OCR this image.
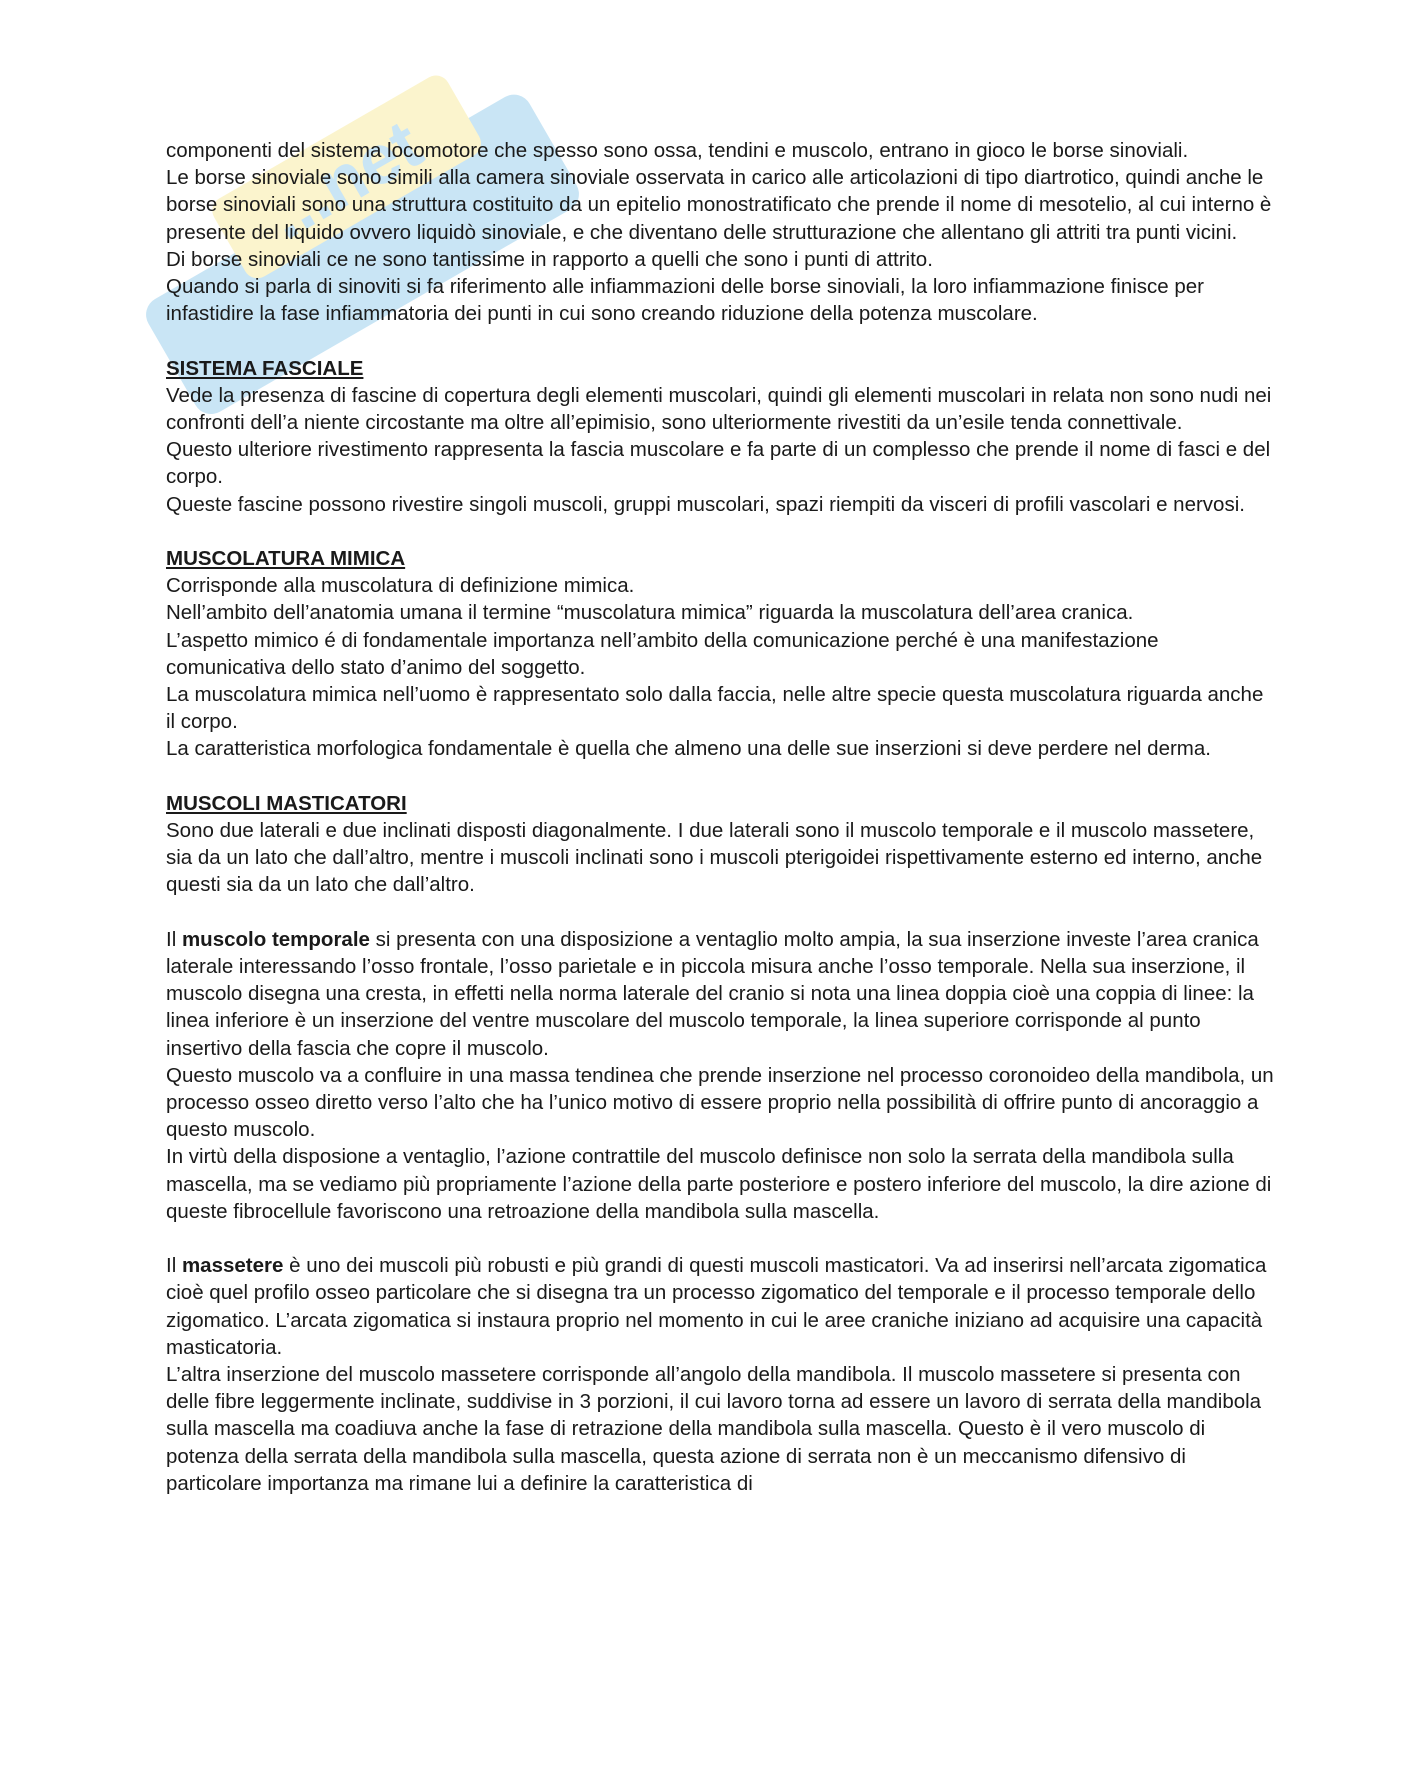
...net

componenti del sistema locomotore che spesso sono ossa, tendini e muscolo, entrano in gioco le borse sinoviali.

Le borse sinoviale sono simili alla camera sinoviale osservata in carico alle articolazioni di tipo diartrotico, quindi anche le borse sinoviali sono una struttura costituito da un epitelio monostratificato che prende il nome di mesotelio, al cui interno è presente del liquido ovvero liquidò sinoviale, e che diventano delle strutturazione che allentano gli attriti tra punti vicini.

Di borse sinoviali ce ne sono tantissime in rapporto a quelli che sono i punti di attrito.

Quando si parla di sinoviti si fa riferimento alle infiammazioni delle borse sinoviali, la loro infiammazione finisce per infastidire la fase infiammatoria dei punti in cui sono creando riduzione della potenza muscolare.

SISTEMA FASCIALE

Vede la presenza di fascine di copertura degli elementi muscolari, quindi gli elementi muscolari in relata non sono nudi nei confronti dell’a niente circostante ma oltre all’epimisio, sono ulteriormente rivestiti da un’esile tenda connettivale.

Questo ulteriore rivestimento rappresenta la fascia muscolare e fa parte di un complesso che prende il nome di fasci e del corpo.

Queste fascine possono rivestire singoli muscoli, gruppi muscolari, spazi riempiti da visceri di profili vascolari e nervosi.

MUSCOLATURA MIMICA

Corrisponde alla muscolatura di definizione mimica.

Nell’ambito dell’anatomia umana il termine “muscolatura mimica” riguarda la muscolatura dell’area cranica.

L’aspetto mimico é di fondamentale importanza nell’ambito della comunicazione perché è una manifestazione comunicativa dello stato d’animo del soggetto.

La muscolatura mimica nell’uomo è rappresentato solo dalla faccia, nelle altre specie questa muscolatura riguarda anche il corpo.

La caratteristica morfologica fondamentale è quella che almeno una delle sue inserzioni si deve perdere nel derma.

MUSCOLI MASTICATORI

Sono due laterali e due inclinati disposti diagonalmente. I due laterali sono il muscolo temporale e il muscolo massetere, sia da un lato che dall’altro, mentre i muscoli inclinati sono i muscoli pterigoidei rispettivamente esterno ed interno, anche questi sia da un lato che dall’altro.

Il muscolo temporale si presenta con una disposizione a ventaglio molto ampia, la sua inserzione investe l’area cranica laterale interessando l’osso frontale, l’osso parietale e in piccola misura anche l’osso temporale. Nella sua inserzione, il muscolo disegna una cresta, in effetti nella norma laterale del cranio si nota una linea doppia cioè una coppia di linee: la linea inferiore è un inserzione del ventre muscolare del muscolo temporale, la linea superiore corrisponde al punto insertivo della fascia che copre il muscolo.

Questo muscolo va a confluire in una massa tendinea che prende inserzione nel processo coronoideo della mandibola, un processo osseo diretto verso l’alto che ha l’unico motivo di essere proprio nella possibilità di offrire punto di ancoraggio a questo muscolo.

In virtù della disposione a ventaglio, l’azione contrattile del muscolo definisce non solo la serrata della mandibola sulla mascella, ma se vediamo più propriamente l’azione della parte posteriore e postero inferiore del muscolo, la dire azione di queste fibrocellule favoriscono una retroazione della mandibola sulla mascella.

Il massetere è uno dei muscoli più robusti e più grandi di questi muscoli masticatori. Va ad inserirsi nell’arcata zigomatica cioè quel profilo osseo particolare che si disegna tra un processo zigomatico del temporale e il processo temporale dello zigomatico. L’arcata zigomatica si instaura proprio nel momento in cui le aree craniche iniziano ad acquisire una capacità masticatoria.

L’altra inserzione del muscolo massetere corrisponde all’angolo della mandibola. Il muscolo massetere si presenta con delle fibre leggermente inclinate, suddivise in 3 porzioni, il cui lavoro torna ad essere un lavoro di serrata della mandibola sulla mascella ma coadiuva anche la fase di retrazione della mandibola sulla mascella. Questo è il vero muscolo di potenza della serrata della mandibola sulla mascella, questa azione di serrata non è un meccanismo difensivo di particolare importanza ma rimane lui a definire la caratteristica di
